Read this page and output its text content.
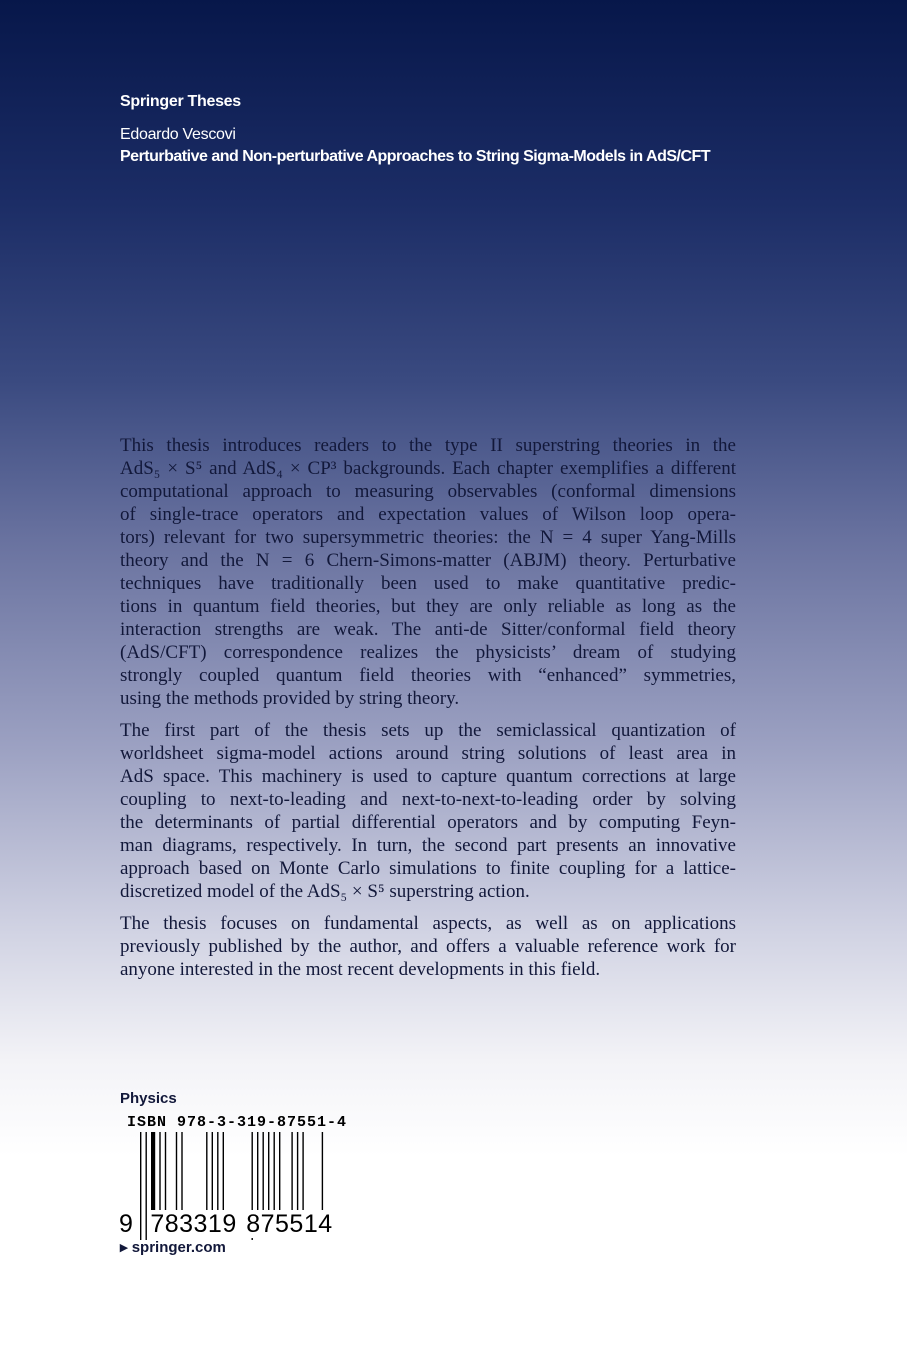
Springer Theses
Edoardo Vescovi
Perturbative and Non-perturbative Approaches to String Sigma-Models in AdS/CFT
This thesis introduces readers to the type II superstring theories in the
AdS₅ × S⁵ and AdS₄ × CP³ backgrounds. Each chapter exemplifies a different
computational approach to measuring observables (conformal dimensions
of single-trace operators and expectation values of Wilson loop opera-
tors) relevant for two supersymmetric theories: the N = 4 super Yang-Mills
theory and the N = 6 Chern-Simons-matter (ABJM) theory. Perturbative
techniques have traditionally been used to make quantitative predic-
tions in quantum field theories, but they are only reliable as long as the
interaction strengths are weak. The anti-de Sitter/conformal field theory
(AdS/CFT) correspondence realizes the physicists’ dream of studying
strongly coupled quantum field theories with “enhanced” symmetries,
using the methods provided by string theory.
The first part of the thesis sets up the semiclassical quantization of
worldsheet sigma-model actions around string solutions of least area in
AdS space. This machinery is used to capture quantum corrections at large
coupling to next-to-leading and next-to-next-to-leading order by solving
the determinants of partial differential operators and by computing Feyn-
man diagrams, respectively. In turn, the second part presents an innovative
approach based on Monte Carlo simulations to finite coupling for a lattice-
discretized model of the AdS₅ × S⁵ superstring action.
The thesis focuses on fundamental aspects, as well as on applications
previously published by the author, and offers a valuable reference work for
anyone interested in the most recent developments in this field.
Physics
ISBN 978-3-319-87551-4
9 783319 875514
▸ springer.com
